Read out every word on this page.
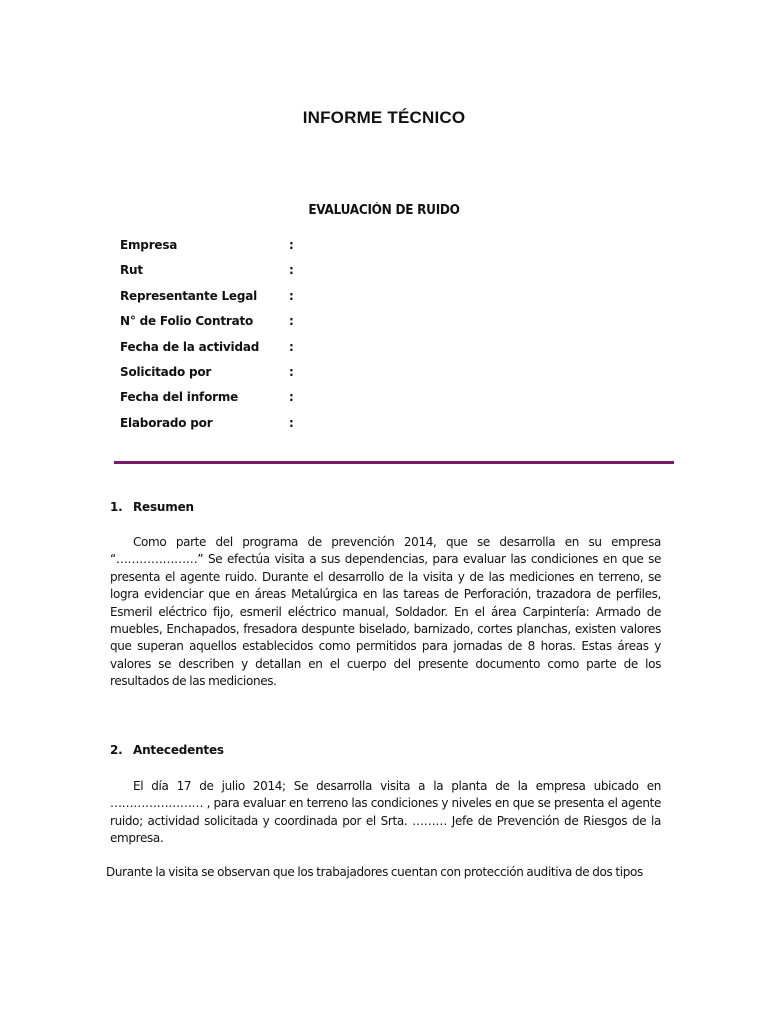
INFORME TÉCNICO
EVALUACIÓN DE RUIDO
Empresa	:
Rut	:
Representante Legal	:
N° de Folio Contrato	:
Fecha de la actividad :
Solicitado por	:
Fecha del informe	:
Elaborado por	:
1. Resumen

Como parte del programa de prevención 2014, que se desarrolla en su empresa “…………………” Se efectúa visita a sus dependencias, para evaluar las condiciones en que se presenta el agente ruido. Durante el desarrollo de la visita y de las mediciones en terreno, se logra evidenciar que en áreas Metalúrgica en las tareas de Perforación, trazadora de perfiles, Esmeril eléctrico fijo, esmeril eléctrico manual, Soldador. En el área Carpintería: Armado de muebles, Enchapados, fresadora despunte biselado, barnizado, cortes planchas, existen valores que superan aquellos establecidos como permitidos para jornadas de 8 horas. Estas áreas y valores se describen y detallan en el cuerpo del presente documento como parte de los resultados de las mediciones.

2. Antecedentes

El día 17 de julio 2014; Se desarrolla visita a la planta de la empresa ubicado en …………………… , para evaluar en terreno las condiciones y niveles en que se presenta el agente ruido; actividad solicitada y coordinada por el Srta. ……… Jefe de Prevención de Riesgos de la empresa.

Durante la visita se observan que los trabajadores cuentan con protección auditiva de dos tipos
